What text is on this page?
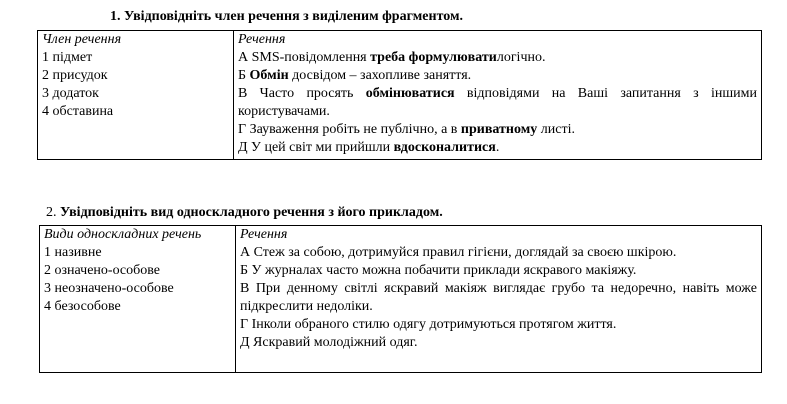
1. Увідповідніть член речення з виділеним фрагментом.
Член речення
1 підмет
2 присудок
3 додаток
4 обставина

Речення
А SMS-повідомлення треба формулюватилогічно.
Б Обмін досвідом – захопливе заняття.
В Часто просять обмінюватися відповідями на Ваші запитання з іншими користувачами.
Г Зауваження робіть не публічно, а в приватному листі.
Д У цей світ ми прийшли вдосконалитися.
2. Увідповідніть вид односкладного речення з його прикладом.
Види односкладних речень
1 називне
2 означено-особове
3 неозначено-особове
4 безособове

Речення
А Стеж за собою, дотримуйся правил гігієни, доглядай за своєю шкірою.
Б У журналах часто можна побачити приклади яскравого макіяжу.
В При денному світлі яскравий макіяж виглядає грубо та недоречно, навіть може підкреслити недоліки.
Г Інколи обраного стилю одягу дотримуються протягом життя.
Д Яскравий молодіжний одяг.
